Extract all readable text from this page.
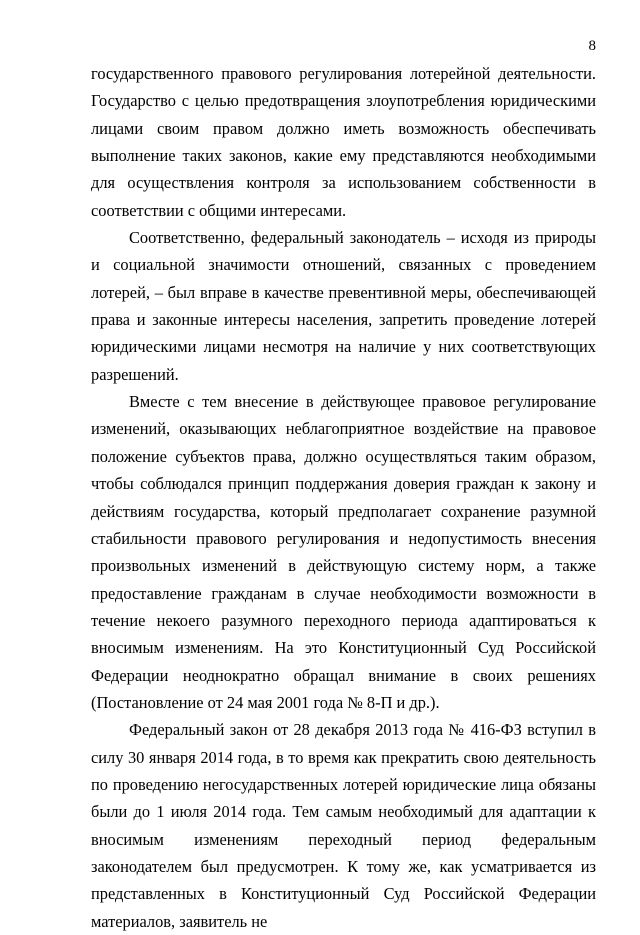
8

государственного правового регулирования лотерейной деятельности. Государство с целью предотвращения злоупотребления юридическими лицами своим правом должно иметь возможность обеспечивать выполнение таких законов, какие ему представляются необходимыми для осуществления контроля за использованием собственности в соответствии с общими интересами.

Соответственно, федеральный законодатель – исходя из природы и социальной значимости отношений, связанных с проведением лотерей, – был вправе в качестве превентивной меры, обеспечивающей права и законные интересы населения, запретить проведение лотерей юридическими лицами несмотря на наличие у них соответствующих разрешений.

Вместе с тем внесение в действующее правовое регулирование изменений, оказывающих неблагоприятное воздействие на правовое положение субъектов права, должно осуществляться таким образом, чтобы соблюдался принцип поддержания доверия граждан к закону и действиям государства, который предполагает сохранение разумной стабильности правового регулирования и недопустимость внесения произвольных изменений в действующую систему норм, а также предоставление гражданам в случае необходимости возможности в течение некоего разумного переходного периода адаптироваться к вносимым изменениям. На это Конституционный Суд Российской Федерации неоднократно обращал внимание в своих решениях (Постановление от 24 мая 2001 года № 8-П и др.).

Федеральный закон от 28 декабря 2013 года № 416-ФЗ вступил в силу 30 января 2014 года, в то время как прекратить свою деятельность по проведению негосударственных лотерей юридические лица обязаны были до 1 июля 2014 года. Тем самым необходимый для адаптации к вносимым изменениям переходный период федеральным законодателем был предусмотрен. К тому же, как усматривается из представленных в Конституционный Суд Российской Федерации материалов, заявитель не
